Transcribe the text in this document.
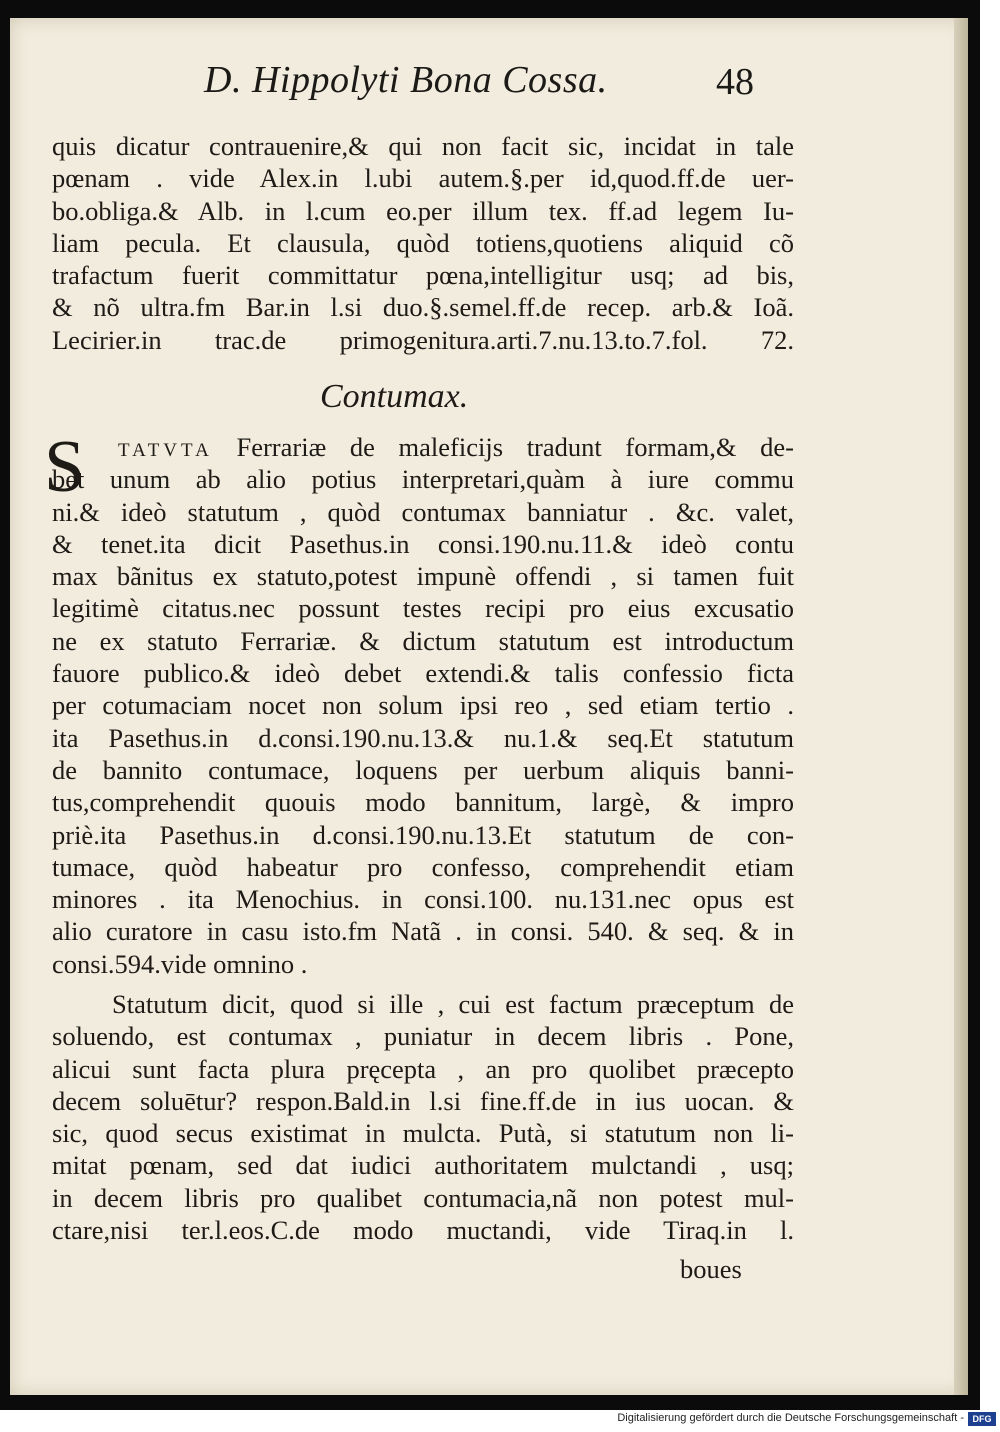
D. Hippolyti Bona Cossa.	48
quis dicatur contrauenire,& qui non facit sic, incidat in tale
pœnam . vide Alex.in l.ubi autem.§.per id,quod.ff.de uer-
bo.obliga.& Alb. in l.cum eo.per illum tex. ff.ad legem Iu-
liam pecula. Et clausula, quòd totiens,quotiens aliquid cõ
trafactum fuerit committatur pœna,intelligitur usq; ad bis,
& nõ ultra.fm Bar.in l.si duo.§.semel.ff.de recep. arb.& Ioã.
Lecirier.in trac.de primogenitura.arti.7.nu.13.to.7.fol. 72.
Contumax.
S	tatvta Ferrariæ de maleficijs tradunt formam,& de-
bet unum ab alio potius interpretari,quàm à iure commu
ni.& ideò statutum , quòd contumax banniatur . &c. valet,
& tenet.ita dicit Pasethus.in consi.190.nu.11.& ideò contu
max bãnitus ex statuto,potest impunè offendi , si tamen fuit
legitimè citatus.nec possunt testes recipi pro eius excusatio
ne ex statuto Ferrariæ. & dictum statutum est introductum
fauore publico.& ideò debet extendi.& talis confessio ficta
per cotumaciam nocet non solum ipsi reo , sed etiam tertio .
ita Pasethus.in d.consi.190.nu.13.& nu.1.& seq.Et statutum
de bannito contumace, loquens per uerbum aliquis banni-
tus,comprehendit quouis modo bannitum, largè, & impro
priè.ita Pasethus.in d.consi.190.nu.13.Et statutum de con-
tumace, quòd habeatur pro confesso, comprehendit etiam
minores . ita Menochius. in consi.100. nu.131.nec opus est
alio curatore in casu isto.fm Natã . in consi. 540. & seq. & in
consi.594.vide omnino .
Statutum dicit, quod si ille , cui est factum præceptum de
soluendo, est contumax , puniatur in decem libris . Pone,
alicui sunt facta plura pręcepta , an pro quolibet præcepto
decem soluētur? respon.Bald.in l.si fine.ff.de in ius uocan. &
sic, quod secus existimat in mulcta. Putà, si statutum non li-
mitat pœnam, sed dat iudici authoritatem mulctandi , usq;
in decem libris pro qualibet contumacia,nã non potest mul-
ctare,nisi ter.l.eos.C.de modo muctandi, vide Tiraq.in l.
boues
Digitalisierung gefördert durch die Deutsche Forschungsgemeinschaft - DFG
